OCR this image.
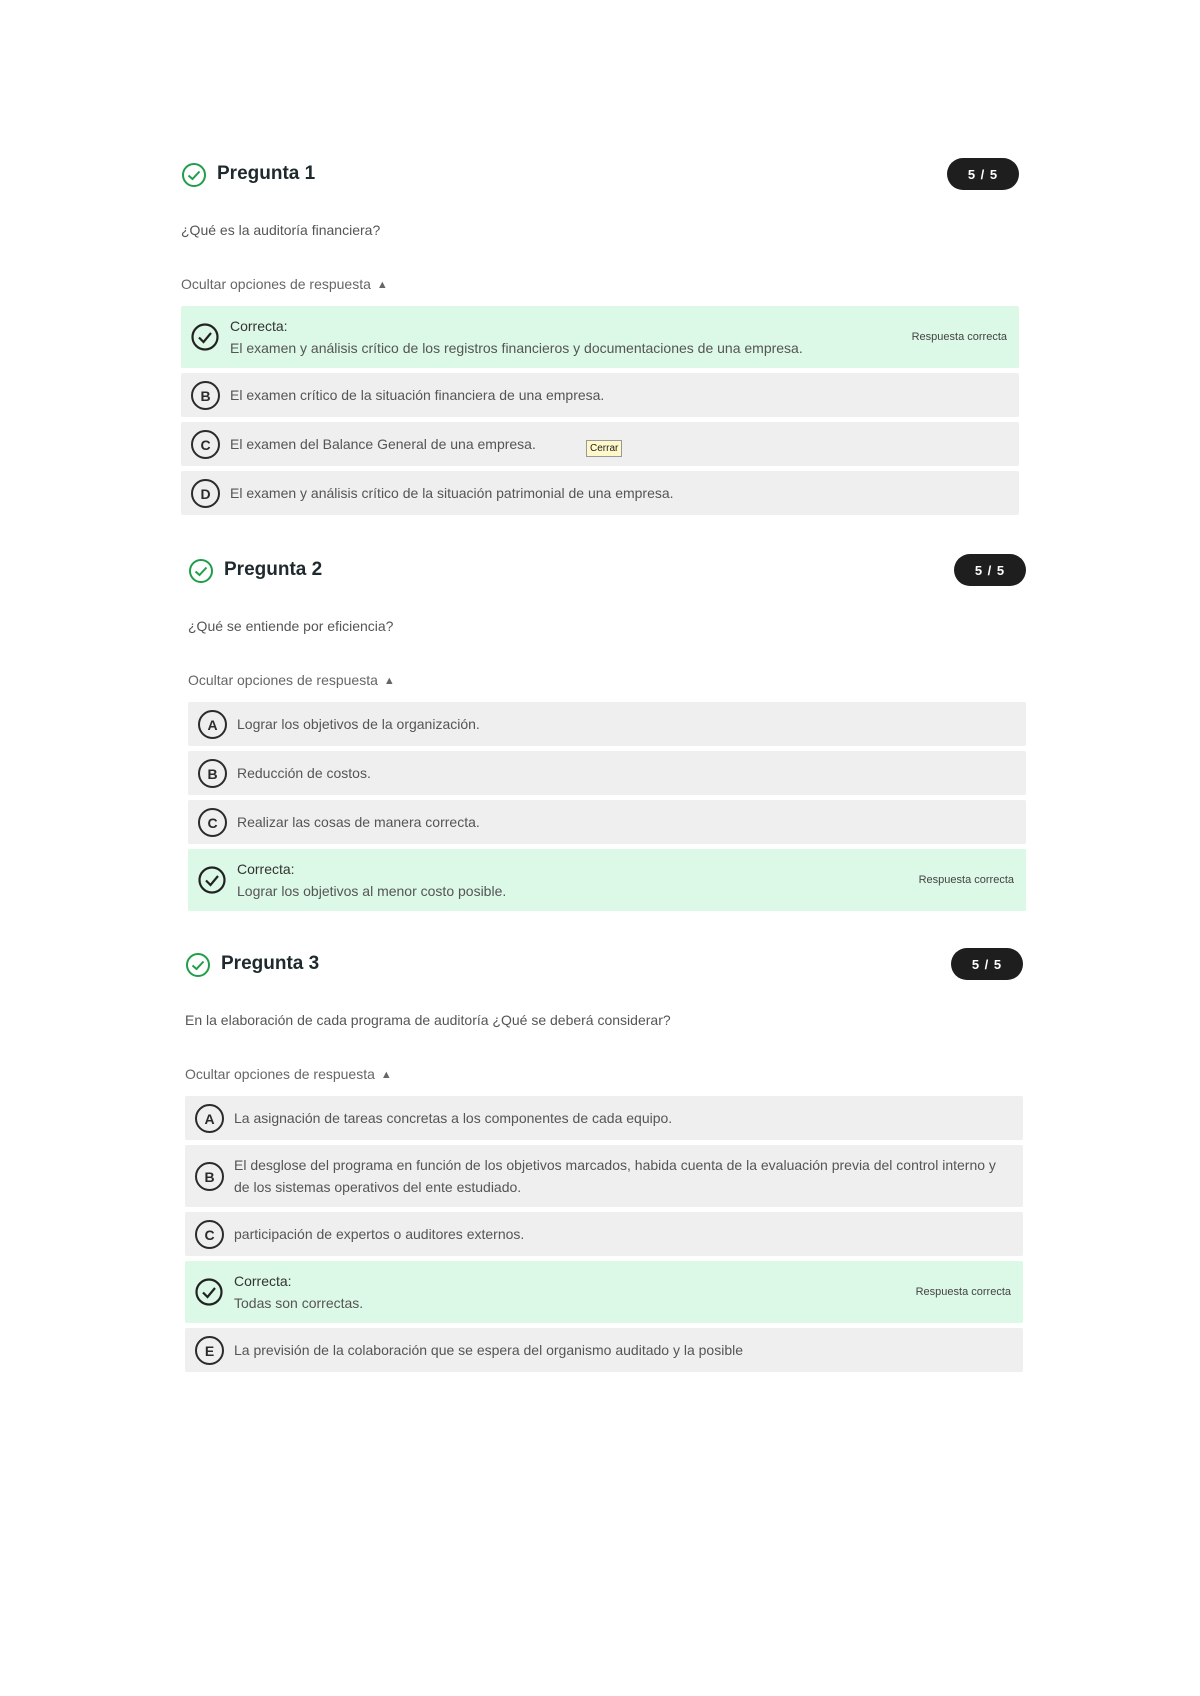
Pregunta 1	5 / 5
¿Qué es la auditoría financiera?
Ocultar opciones de respuesta ▲
Correcta:
El examen y análisis crítico de los registros financieros y documentaciones de una empresa.
Respuesta correcta
B	El examen crítico de la situación financiera de una empresa.
C	El examen del Balance General de una empresa.
D	El examen y análisis crítico de la situación patrimonial de una empresa.
Cerrar
Pregunta 2	5 / 5
¿Qué se entiende por eficiencia?
Ocultar opciones de respuesta ▲
A	Lograr los objetivos de la organización.
B	Reducción de costos.
C	Realizar las cosas de manera correcta.
Correcta:
Lograr los objetivos al menor costo posible.
Respuesta correcta
Pregunta 3	5 / 5
En la elaboración de cada programa de auditoría ¿Qué se deberá considerar?
Ocultar opciones de respuesta ▲
A	La asignación de tareas concretas a los componentes de cada equipo.
B
El desglose del programa en función de los objetivos marcados, habida cuenta de la evaluación previa del control interno y de los sistemas operativos del ente estudiado.
C	participación de expertos o auditores externos.
Correcta:
Todas son correctas.
Respuesta correcta
E	La previsión de la colaboración que se espera del organismo auditado y la posible
